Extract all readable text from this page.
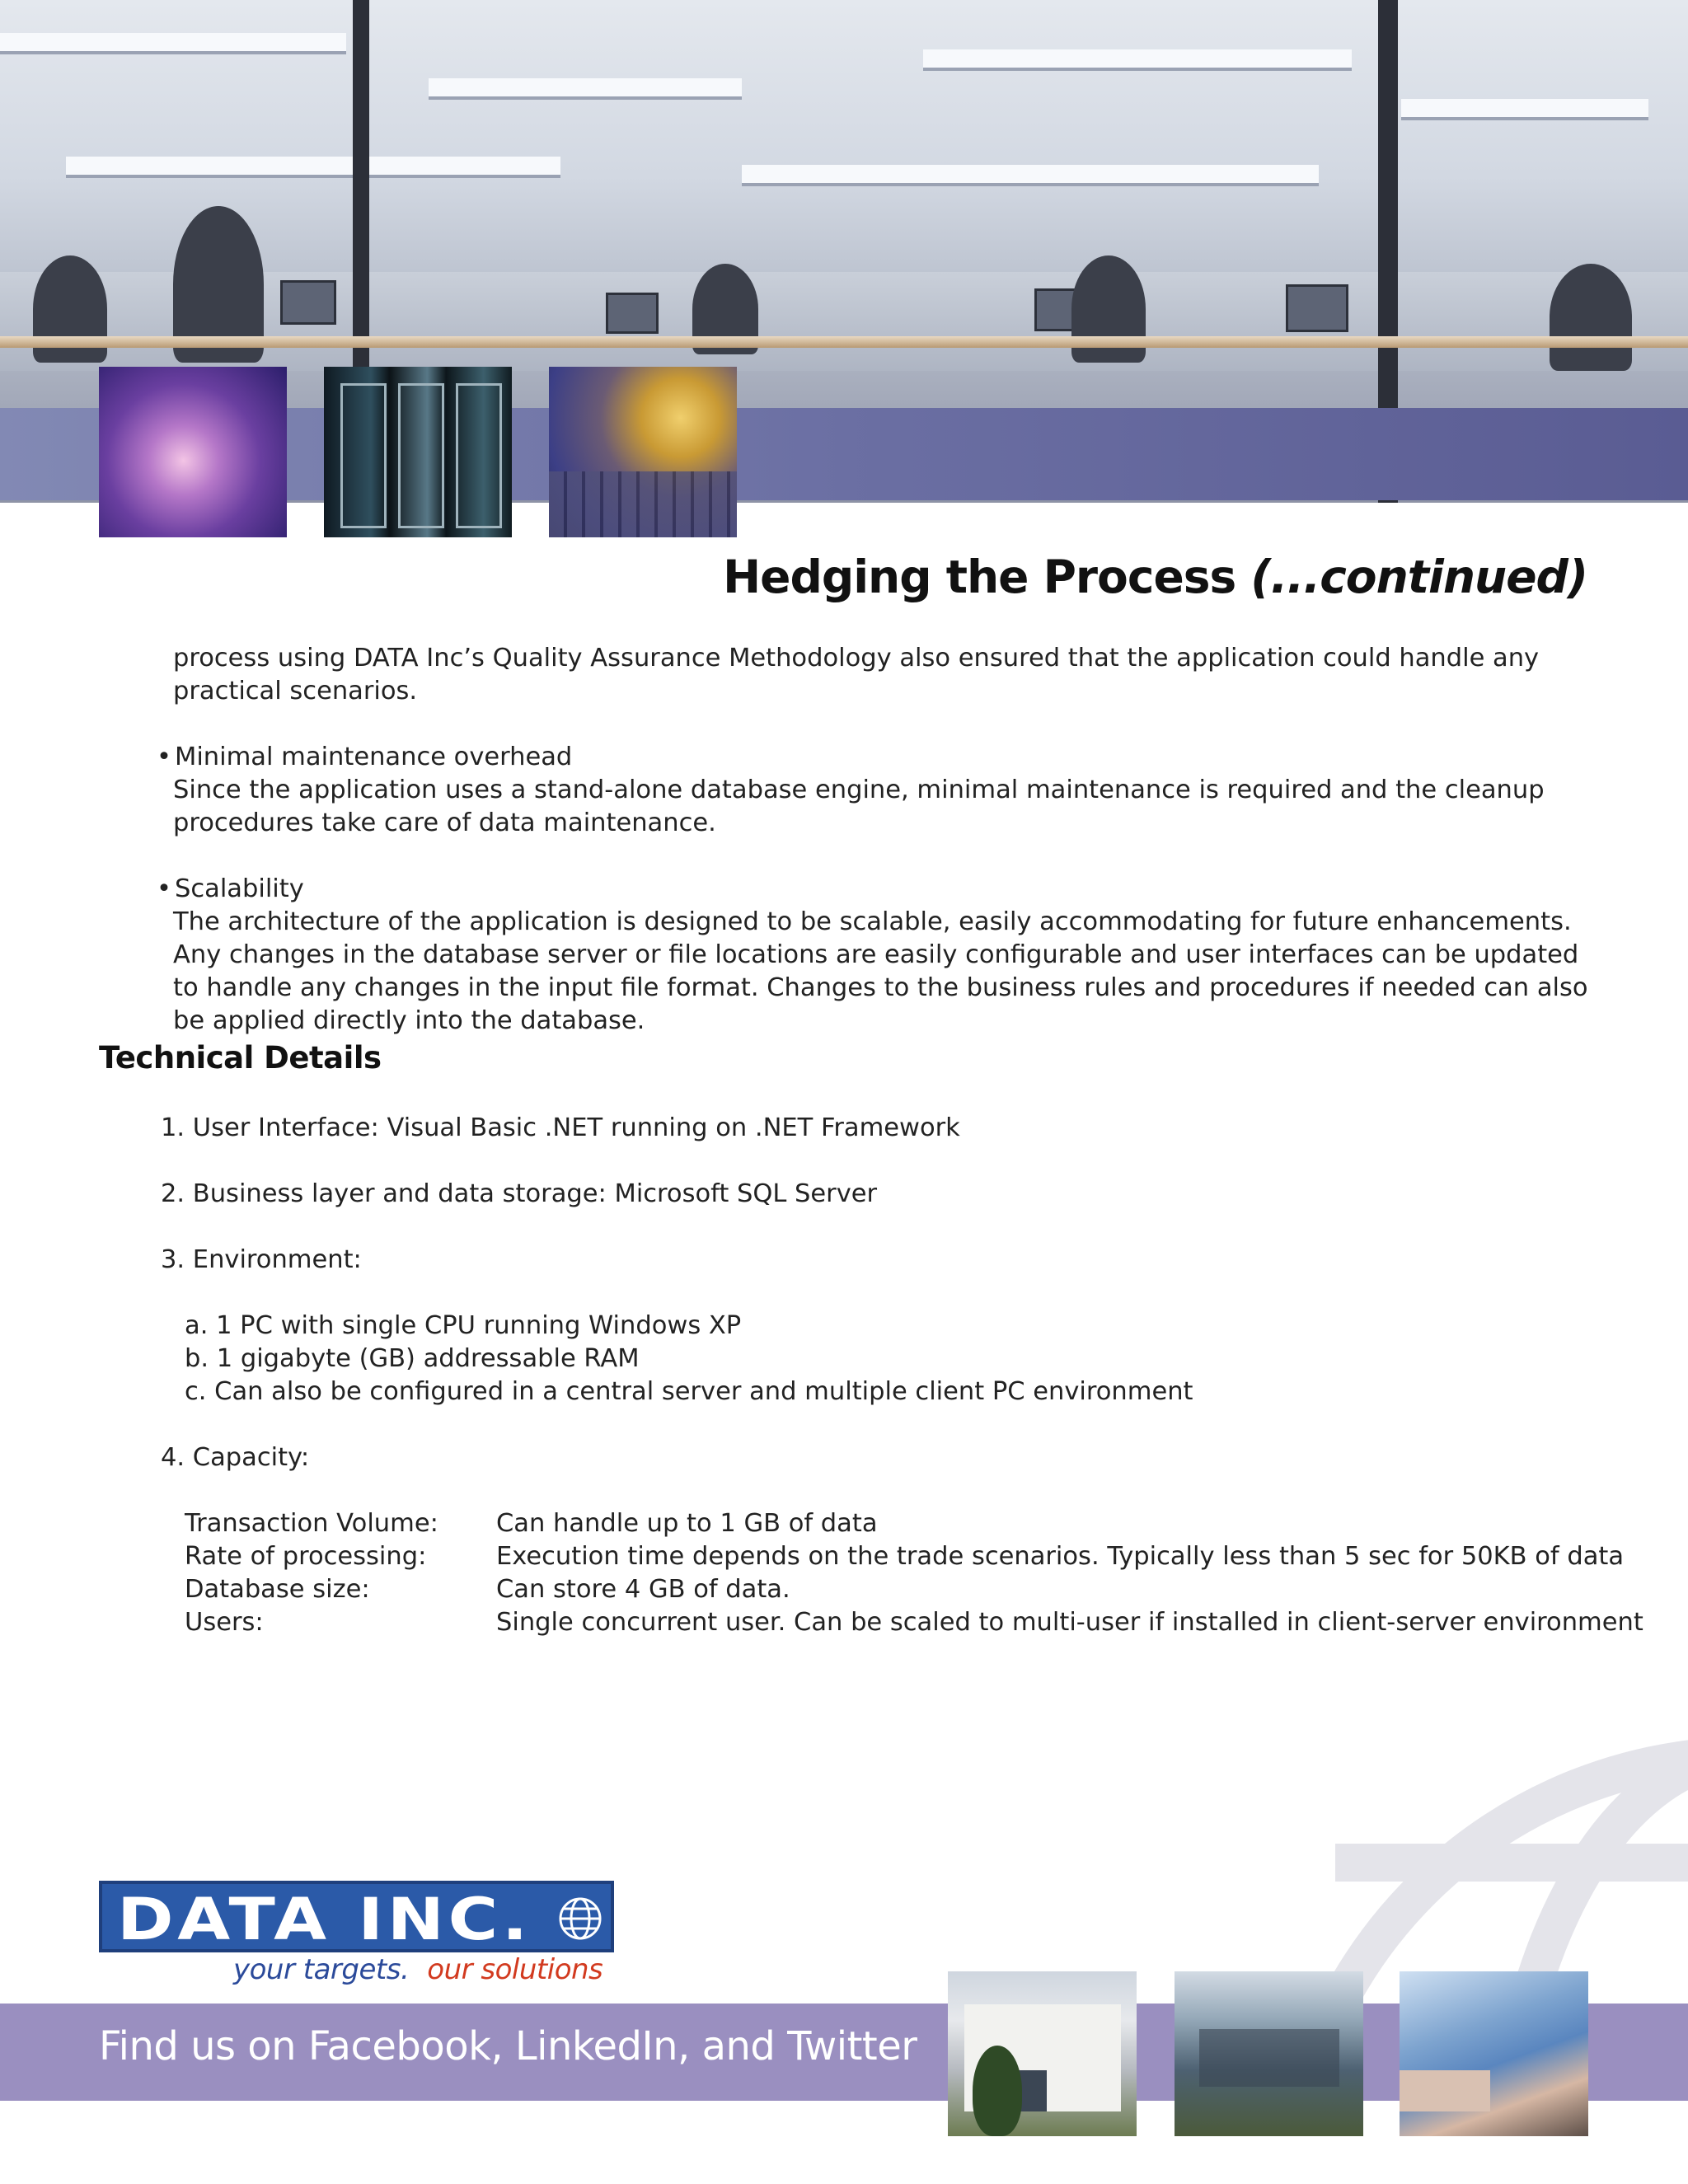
Hedging the Process (...continued)

process using DATA Inc’s Quality Assurance Methodology also ensured that the application could handle any practical scenarios.

• Minimal maintenance overhead

Since the application uses a stand-alone database engine, minimal maintenance is required and the cleanup procedures take care of data maintenance.

• Scalability

The architecture of the application is designed to be scalable, easily accommodating for future enhancements. Any changes in the database server or file locations are easily configurable and user interfaces can be updated to handle any changes in the input file format. Changes to the business rules and procedures if needed can also be applied directly into the database.

Technical Details

1. User Interface: Visual Basic .NET running on .NET Framework

2. Business layer and data storage: Microsoft SQL Server

3. Environment:

a. 1 PC with single CPU running Windows XP

b. 1 gigabyte (GB) addressable RAM

c. Can also be configured in a central server and multiple client PC environment

4. Capacity:

Transaction Volume: Can handle up to 1 GB of data

Rate of processing:	Execution time depends on the trade scenarios. Typically less than 5 sec for 50KB of data

Database size:	Can store 4 GB of data.

Users:	Single concurrent user. Can be scaled to multi-user if installed in client-server environment

DATA INC.

your targets. our solutions

Find us on Facebook, LinkedIn, and Twitter
